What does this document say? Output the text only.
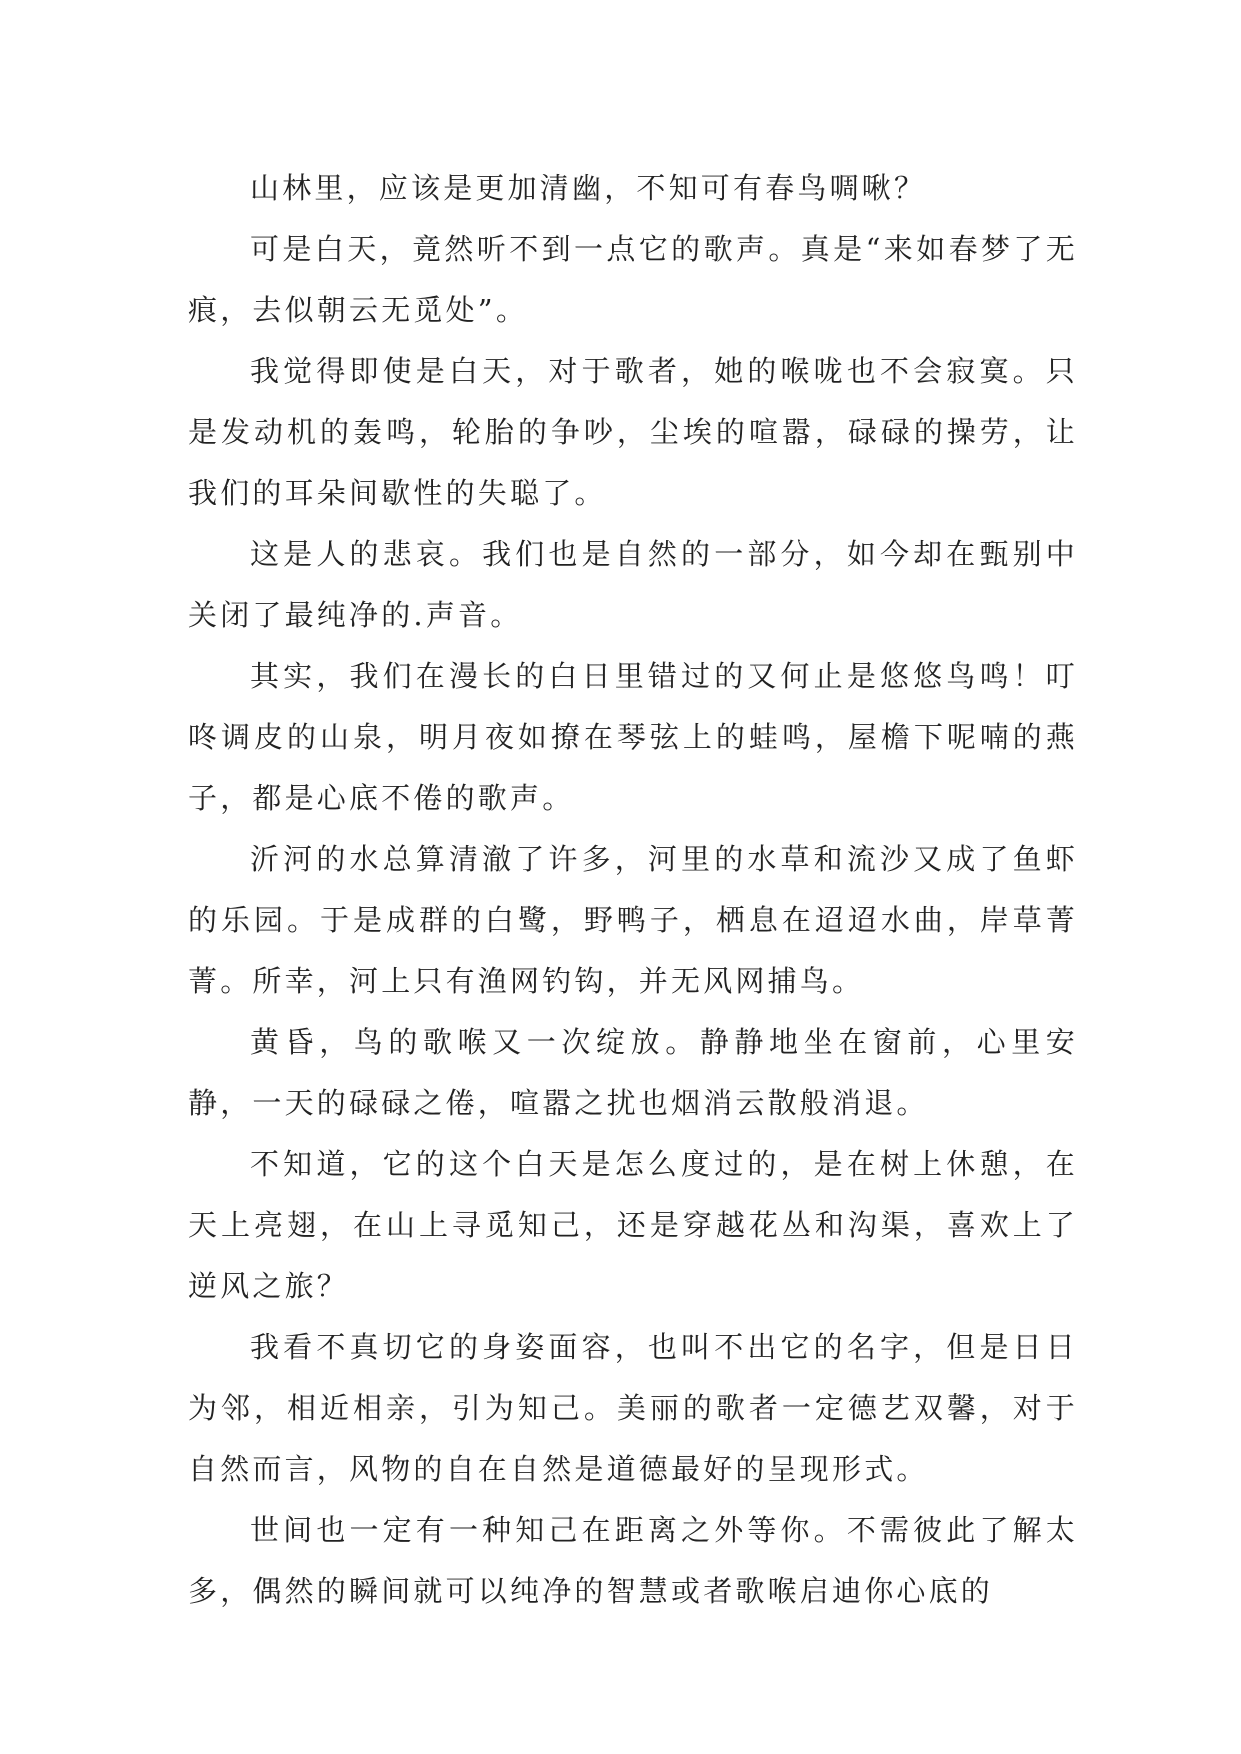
山林里，应该是更加清幽，不知可有春鸟啁啾？

可是白天，竟然听不到一点它的歌声。真是“来如春梦了无痕，去似朝云无觅处”。

我觉得即使是白天，对于歌者，她的喉咙也不会寂寞。只是发动机的轰鸣，轮胎的争吵，尘埃的喧嚣，碌碌的操劳，让我们的耳朵间歇性的失聪了。

这是人的悲哀。我们也是自然的一部分，如今却在甄别中关闭了最纯净的.声音。

其实，我们在漫长的白日里错过的又何止是悠悠鸟鸣！叮咚调皮的山泉，明月夜如撩在琴弦上的蛙鸣，屋檐下呢喃的燕子，都是心底不倦的歌声。

沂河的水总算清澈了许多，河里的水草和流沙又成了鱼虾的乐园。于是成群的白鹭，野鸭子，栖息在迢迢水曲，岸草菁菁。所幸，河上只有渔网钓钩，并无风网捕鸟。

黄昏，鸟的歌喉又一次绽放。静静地坐在窗前，心里安静，一天的碌碌之倦，喧嚣之扰也烟消云散般消退。

不知道，它的这个白天是怎么度过的，是在树上休憩，在天上亮翅，在山上寻觅知己，还是穿越花丛和沟渠，喜欢上了逆风之旅？

我看不真切它的身姿面容，也叫不出它的名字，但是日日为邻，相近相亲，引为知己。美丽的歌者一定德艺双馨，对于自然而言，风物的自在自然是道德最好的呈现形式。

世间也一定有一种知己在距离之外等你。不需彼此了解太多，偶然的瞬间就可以纯净的智慧或者歌喉启迪你心底的
